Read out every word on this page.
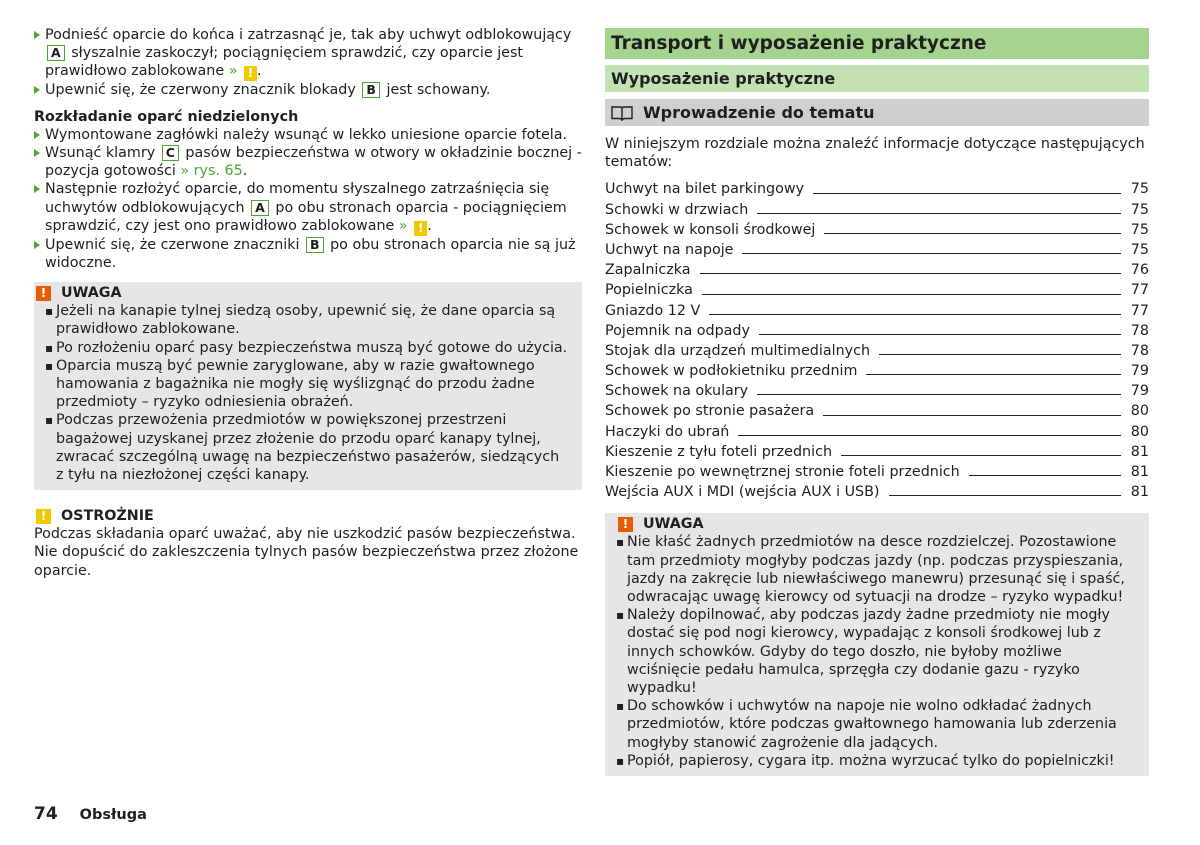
Podnieść oparcie do końca i zatrzasnąć je, tak aby uchwyt odblokowujący A słyszalnie zaskoczył; pociągnięciem sprawdzić, czy oparcie jest prawidłowo zablokowane » ! .

Upewnić się, że czerwony znacznik blokady B jest schowany.

Rozkładanie oparć niedzielonych

Wymontowane zagłówki należy wsunąć w lekko uniesione oparcie fotela.

Wsunąć klamry C pasów bezpieczeństwa w otwory w okładzinie bocznej - pozycja gotowości » rys. 65.

Następnie rozłożyć oparcie, do momentu słyszalnego zatrzaśnięcia się uchwytów odblokowujących A po obu stronach oparcia - pociągnięciem sprawdzić, czy jest ono prawidłowo zablokowane » ! .

Upewnić się, że czerwone znaczniki B po obu stronach oparcia nie są już widoczne.

!	UWAGA
▪ Jeżeli na kanapie tylnej siedzą osoby, upewnić się, że dane oparcia są prawidłowo zablokowane.
▪ Po rozłożeniu oparć pasy bezpieczeństwa muszą być gotowe do użycia.
▪ Oparcia muszą być pewnie zaryglowane, aby w razie gwałtownego hamowania z bagażnika nie mogły się wyślizgnąć do przodu żadne przedmioty – ryzyko odniesienia obrażeń.
▪ Podczas przewożenia przedmiotów w powiększonej przestrzeni bagażowej uzyskanej przez złożenie do przodu oparć kanapy tylnej, zwracać szczególną uwagę na bezpieczeństwo pasażerów, siedzących z tyłu na niezłożonej części kanapy.
!	OSTROŻNIE
Podczas składania oparć uważać, aby nie uszkodzić pasów bezpieczeństwa. Nie dopuścić do zakleszczenia tylnych pasów bezpieczeństwa przez złożone oparcie.
Transport i wyposażenie praktyczne
Wyposażenie praktyczne
Wprowadzenie do tematu
W niniejszym rozdziale można znaleźć informacje dotyczące następujących tematów:
Uchwyt na bilet parkingowy	75
Schowki w drzwiach	75
Schowek w konsoli środkowej	75
Uchwyt na napoje	75
Zapalniczka	76
Popielniczka	77
Gniazdo 12 V	77
Pojemnik na odpady	78
Stojak dla urządzeń multimedialnych	78
Schowek w podłokietniku przednim	79
Schowek na okulary	79
Schowek po stronie pasażera	80
Haczyki do ubrań	80
Kieszenie z tyłu foteli przednich	81
Kieszenie po wewnętrznej stronie foteli przednich	81
Wejścia AUX i MDI (wejścia AUX i USB)	81
!	UWAGA
▪ Nie kłaść żadnych przedmiotów na desce rozdzielczej. Pozostawione tam przedmioty mogłyby podczas jazdy (np. podczas przyspieszania, jazdy na zakręcie lub niewłaściwego manewru) przesunąć się i spaść, odwracając uwagę kierowcy od sytuacji na drodze – ryzyko wypadku!
▪ Należy dopilnować, aby podczas jazdy żadne przedmioty nie mogły dostać się pod nogi kierowcy, wypadając z konsoli środkowej lub z innych schowków. Gdyby do tego doszło, nie byłoby możliwe wciśnięcie pedału hamulca, sprzęgła czy dodanie gazu - ryzyko wypadku!
▪ Do schowków i uchwytów na napoje nie wolno odkładać żadnych przedmiotów, które podczas gwałtownego hamowania lub zderzenia mogłyby stanowić zagrożenie dla jadących.
▪ Popiół, papierosy, cygara itp. można wyrzucać tylko do popielniczki!
74 Obsługa
